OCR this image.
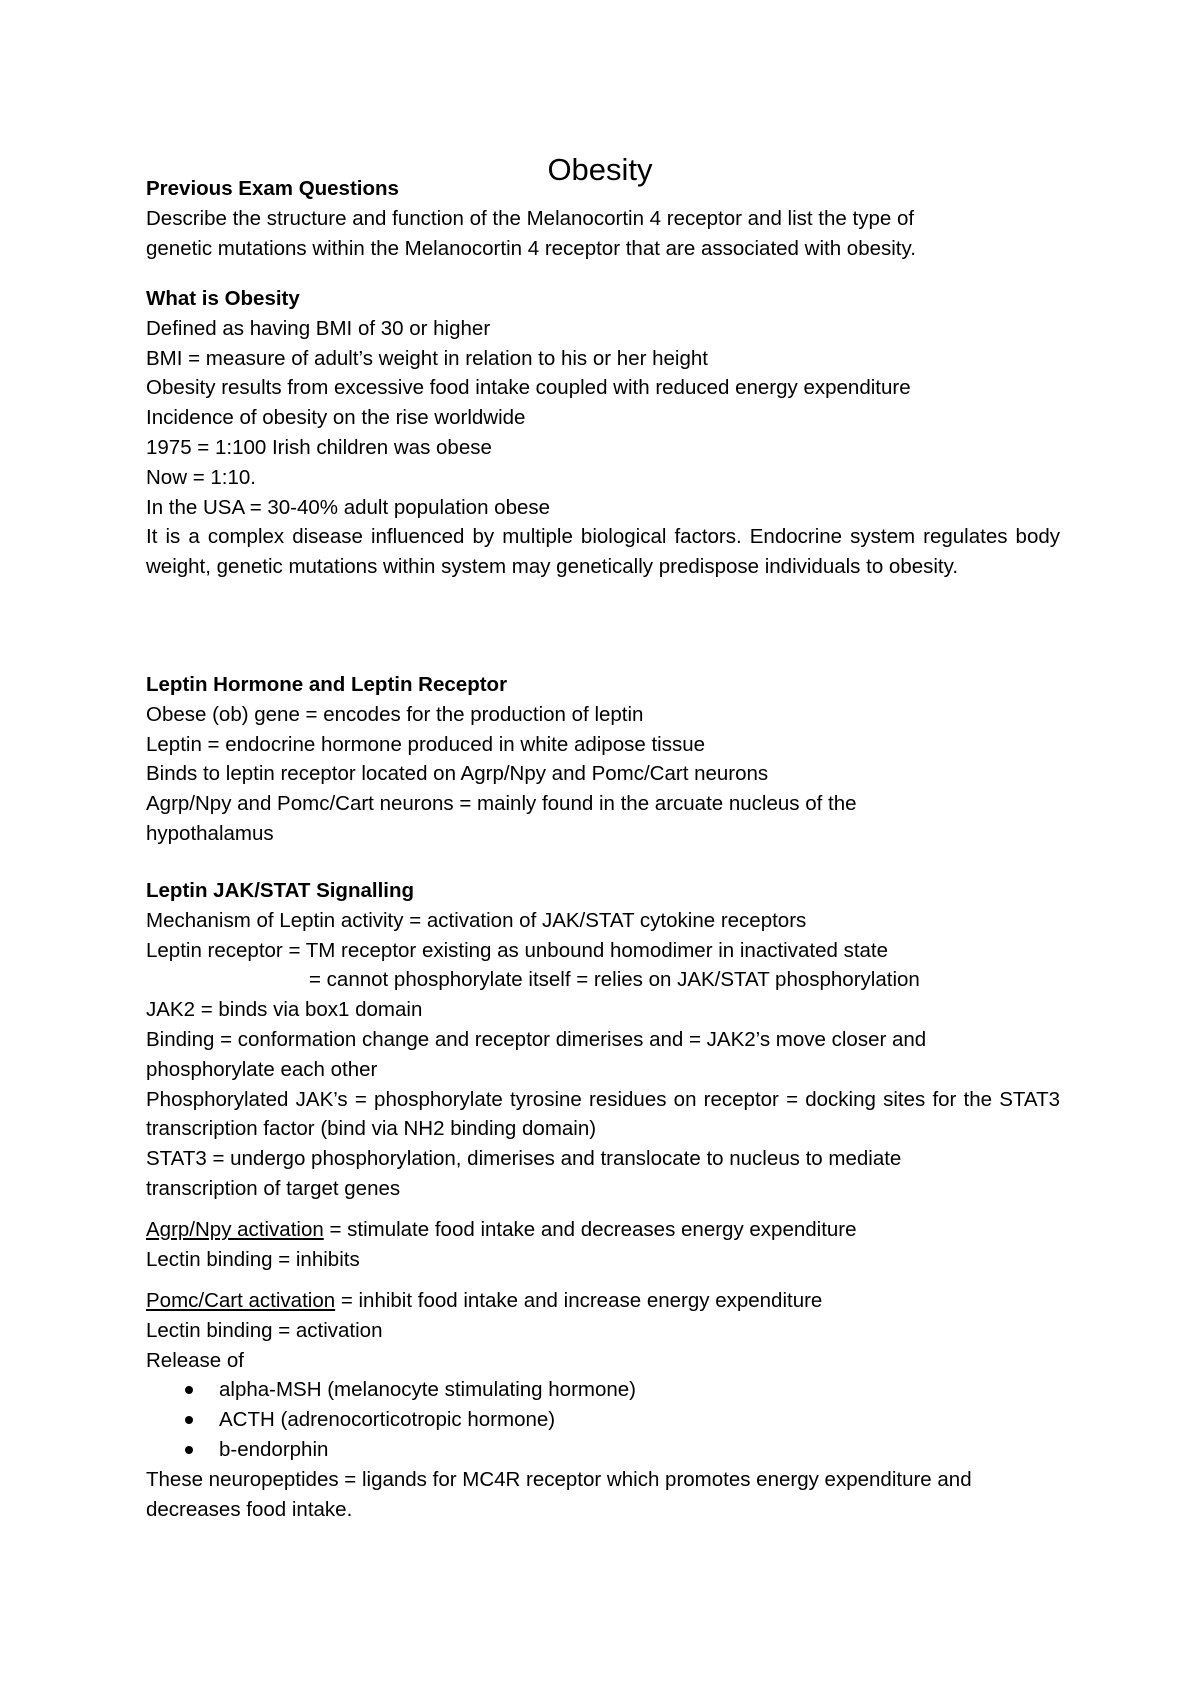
Obesity
Previous Exam Questions
Describe the structure and function of the Melanocortin 4 receptor and list the type of
genetic mutations within the Melanocortin 4 receptor that are associated with obesity.
What is Obesity
Defined as having BMI of 30 or higher
BMI = measure of adult’s weight in relation to his or her height
Obesity results from excessive food intake coupled with reduced energy expenditure
Incidence of obesity on the rise worldwide
1975 = 1:100 Irish children was obese
Now = 1:10.
In the USA = 30-40% adult population obese
It is a complex disease influenced by multiple biological factors. Endocrine system regulates body weight, genetic mutations within system may genetically predispose individuals to obesity.
Leptin Hormone and Leptin Receptor
Obese (ob) gene = encodes for the production of leptin
Leptin = endocrine hormone produced in white adipose tissue
Binds to leptin receptor located on Agrp/Npy and Pomc/Cart neurons
Agrp/Npy and Pomc/Cart neurons = mainly found in the arcuate nucleus of the
hypothalamus
Leptin JAK/STAT Signalling
Mechanism of Leptin activity = activation of JAK/STAT cytokine receptors
Leptin receptor = TM receptor existing as unbound homodimer in inactivated state
= cannot phosphorylate itself = relies on JAK/STAT phosphorylation
JAK2 = binds via box1 domain
Binding = conformation change and receptor dimerises and = JAK2’s move closer and
phosphorylate each other
Phosphorylated JAK’s = phosphorylate tyrosine residues on receptor = docking sites for the STAT3 transcription factor (bind via NH2 binding domain)
STAT3 = undergo phosphorylation, dimerises and translocate to nucleus to mediate
transcription of target genes
Agrp/Npy activation = stimulate food intake and decreases energy expenditure
Lectin binding = inhibits
Pomc/Cart activation = inhibit food intake and increase energy expenditure
Lectin binding = activation
Release of
alpha-MSH (melanocyte stimulating hormone)
ACTH (adrenocorticotropic hormone)
b-endorphin
These neuropeptides = ligands for MC4R receptor which promotes energy expenditure and
decreases food intake.
